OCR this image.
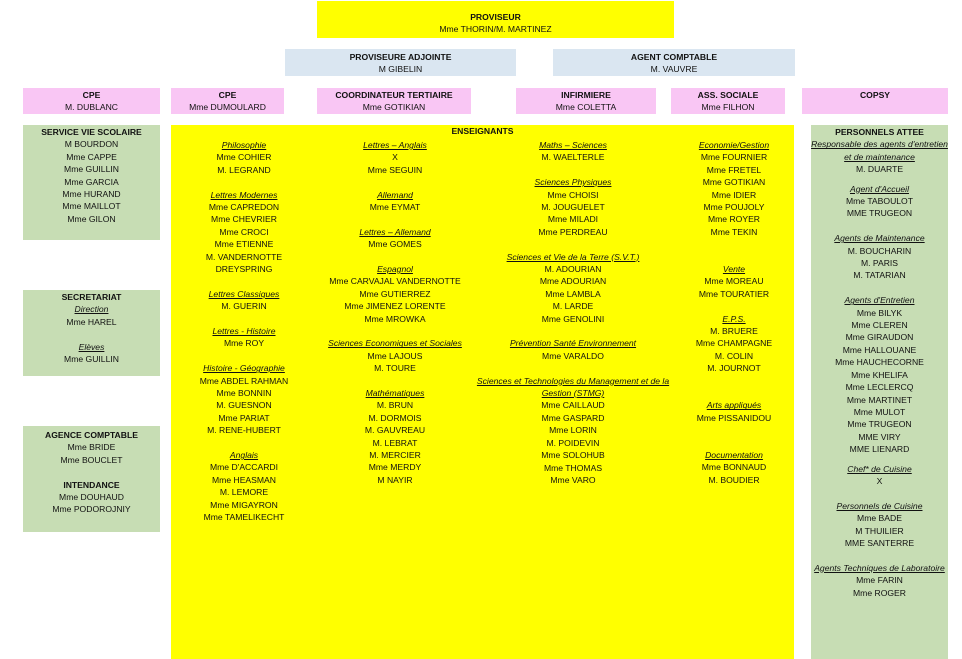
PROVISEUR
Mme THORIN/M. MARTINEZ
PROVISEURE ADJOINTE
M GIBELIN
AGENT COMPTABLE
M. VAUVRE
CPE
M. DUBLANC
CPE
Mme DUMOULARD
COORDINATEUR TERTIAIRE
Mme GOTIKIAN
INFIRMIERE
Mme COLETTA
ASS. SOCIALE
Mme FILHON
COPSY
SERVICE VIE SCOLAIRE
M BOURDON
Mme CAPPE
Mme GUILLIN
Mme GARCIA
Mme HURAND
Mme MAILLOT
Mme GILON
SECRETARIAT
Direction
Mme HAREL
Elèves
Mme GUILLIN
AGENCE COMPTABLE
Mme BRIDE
Mme BOUCLET
INTENDANCE
Mme DOUHAUD
Mme PODOROJNIY
ENSEIGNANTS
Philosophie
Mme COHIER
M. LEGRAND
Lettres Modernes
Mme CAPREDON
Mme CHEVRIER
Mme CROCI
Mme ETIENNE
M. VANDERNOTTE
DREYSPRING
Lettres Classiques
M. GUERIN
Lettres - Histoire
Mme ROY
Histoire - Géographie
Mme ABDEL RAHMAN
Mme BONNIN
M. GUESNON
Mme PARIAT
M. RENE-HUBERT
Anglais
Mme D'ACCARDI
Mme HEASMAN
M. LEMORE
Mme MIGAYRON
Mme TAMELIKECHT
Lettres – Anglais
X
Mme SEGUIN
Allemand
Mme EYMAT
Lettres – Allemand
Mme GOMES
Espagnol
Mme CARVAJAL VANDERNOTTE
Mme GUTIERREZ
Mme JIMENEZ LORENTE
Mme MROWKA
Sciences Economiques et Sociales
Mme LAJOUS
M. TOURE
Mathématiques
M. BRUN
M. DORMOIS
M. GAUVREAU
M. LEBRAT
M. MERCIER
Mme MERDY
M NAYIR
Maths – Sciences
M. WAELTERLE
Sciences Physiques
Mme CHOISI
M. JOUGUELET
Mme MILADI
Mme PERDREAU
Sciences et Vie de la Terre (S.V.T.)
M. ADOURIAN
Mme ADOURIAN
Mme LAMBLA
M. LARDE
Mme GENOLINI
Prévention Santé Environnement
Mme VARALDO
Sciences et Technologies du Management et de la Gestion (STMG)
Mme CAILLAUD
Mme GASPARD
Mme LORIN
M. POIDEVIN
Mme SOLOHUB
Mme THOMAS
Mme VARO
Economie/Gestion
Mme FOURNIER
Mme FRETEL
Mme GOTIKIAN
Mme IDIER
Mme POUJOLY
Mme ROYER
Mme TEKIN
Vente
Mme MOREAU
Mme TOURATIER
E.P.S.
M. BRUERE
Mme CHAMPAGNE
M. COLIN
M. JOURNOT
Arts appliqués
Mme PISSANIDOU
Documentation
Mme BONNAUD
M. BOUDIER
PERSONNELS ATTEE
Responsable des agents d'entretien et de maintenance
M. DUARTE
Agent d'Accueil
Mme TABOULOT
MME TRUGEON
Agents de Maintenance
M. BOUCHARIN
M. PARIS
M. TATARIAN
Agents d'Entretien
Mme BILYK
Mme CLEREN
Mme GIRAUDON
Mme HALLOUANE
Mme HAUCHECORNE
Mme KHELIFA
Mme LECLERCQ
Mme MARTINET
Mme MULOT
Mme TRUGEON
MME VIRY
MME LIENARD
Chef* de Cuisine
X
Personnels de Cuisine
Mme BADE
M THUILIER
MME SANTERRE
Agents Techniques de Laboratoire
Mme FARIN
Mme ROGER
